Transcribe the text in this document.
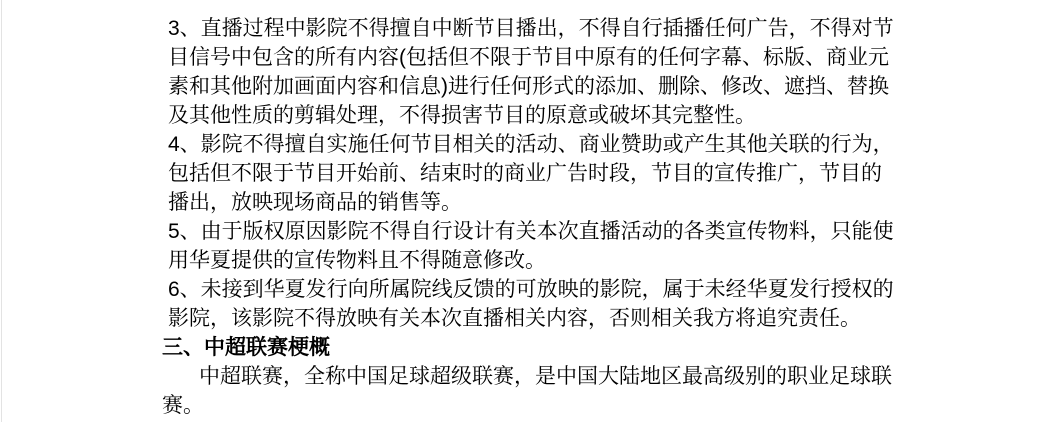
3、直播过程中影院不得擅自中断节目播出，不得自行插播任何广告，不得对节
目信号中包含的所有内容(包括但不限于节目中原有的任何字幕、标版、商业元
素和其他附加画面内容和信息)进行任何形式的添加、删除、修改、遮挡、替换
及其他性质的剪辑处理，不得损害节目的原意或破坏其完整性。
4、影院不得擅自实施任何节目相关的活动、商业赞助或产生其他关联的行为，
包括但不限于节目开始前、结束时的商业广告时段，节目的宣传推广，节目的
播出，放映现场商品的销售等。
5、由于版权原因影院不得自行设计有关本次直播活动的各类宣传物料，只能使
用华夏提供的宣传物料且不得随意修改。
6、未接到华夏发行向所属院线反馈的可放映的影院，属于未经华夏发行授权的
影院，该影院不得放映有关本次直播相关内容，否则相关我方将追究责任。
三、中超联赛梗概
中超联赛，全称中国足球超级联赛，是中国大陆地区最高级别的职业足球联
赛。
